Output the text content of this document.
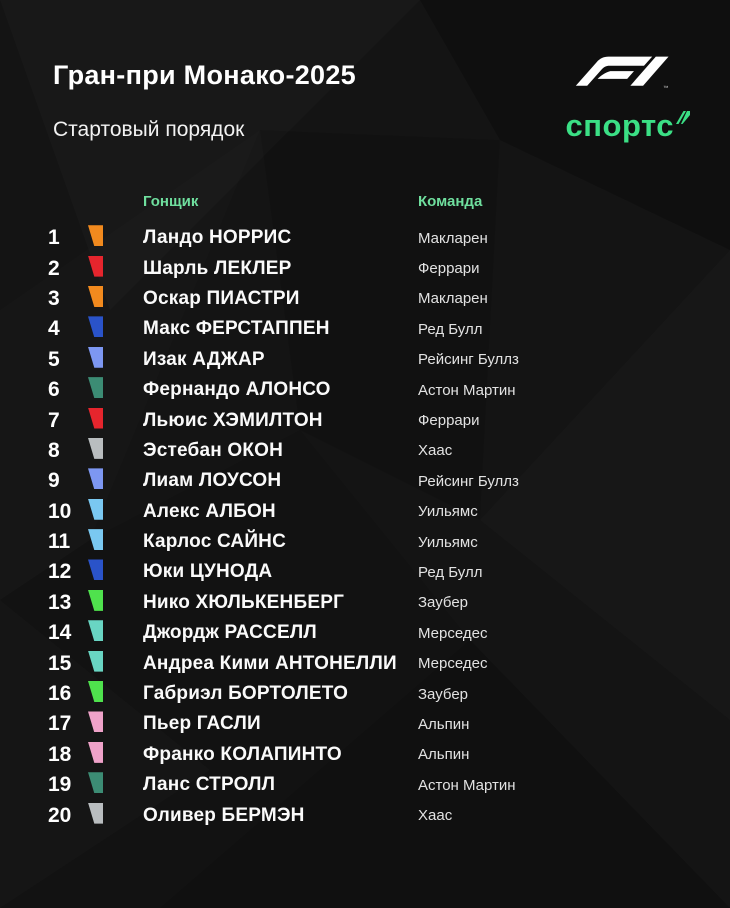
Гран-при Монако-2025
Стартовый порядок
™
спортс
Гонщик	Команда
1	Ландо НОРРИС	Макларен
2	Шарль ЛЕКЛЕР	Феррари
3	Оскар ПИАСТРИ	Макларен
4	Макс ФЕРСТАППЕН	Ред Булл
5	Изак АДЖАР	Рейсинг Буллз
6	Фернандо АЛОНСО	Астон Мартин
7	Льюис ХЭМИЛТОН	Феррари
8	Эстебан ОКОН	Хаас
9	Лиам ЛОУСОН	Рейсинг Буллз
10	Алекс АЛБОН	Уильямс
11	Карлос САЙНС	Уильямс
12	Юки ЦУНОДА	Ред Булл
13	Нико ХЮЛЬКЕНБЕРГ	Заубер
14	Джордж РАССЕЛЛ	Мерседес
15	Андреа Кими АНТОНЕЛЛИ	Мерседес
16	Габриэл БОРТОЛЕТО	Заубер
17	Пьер ГАСЛИ	Альпин
18	Франко КОЛАПИНТО	Альпин
19	Ланс СТРОЛЛ	Астон Мартин
20	Оливер БЕРМЭН	Хаас
